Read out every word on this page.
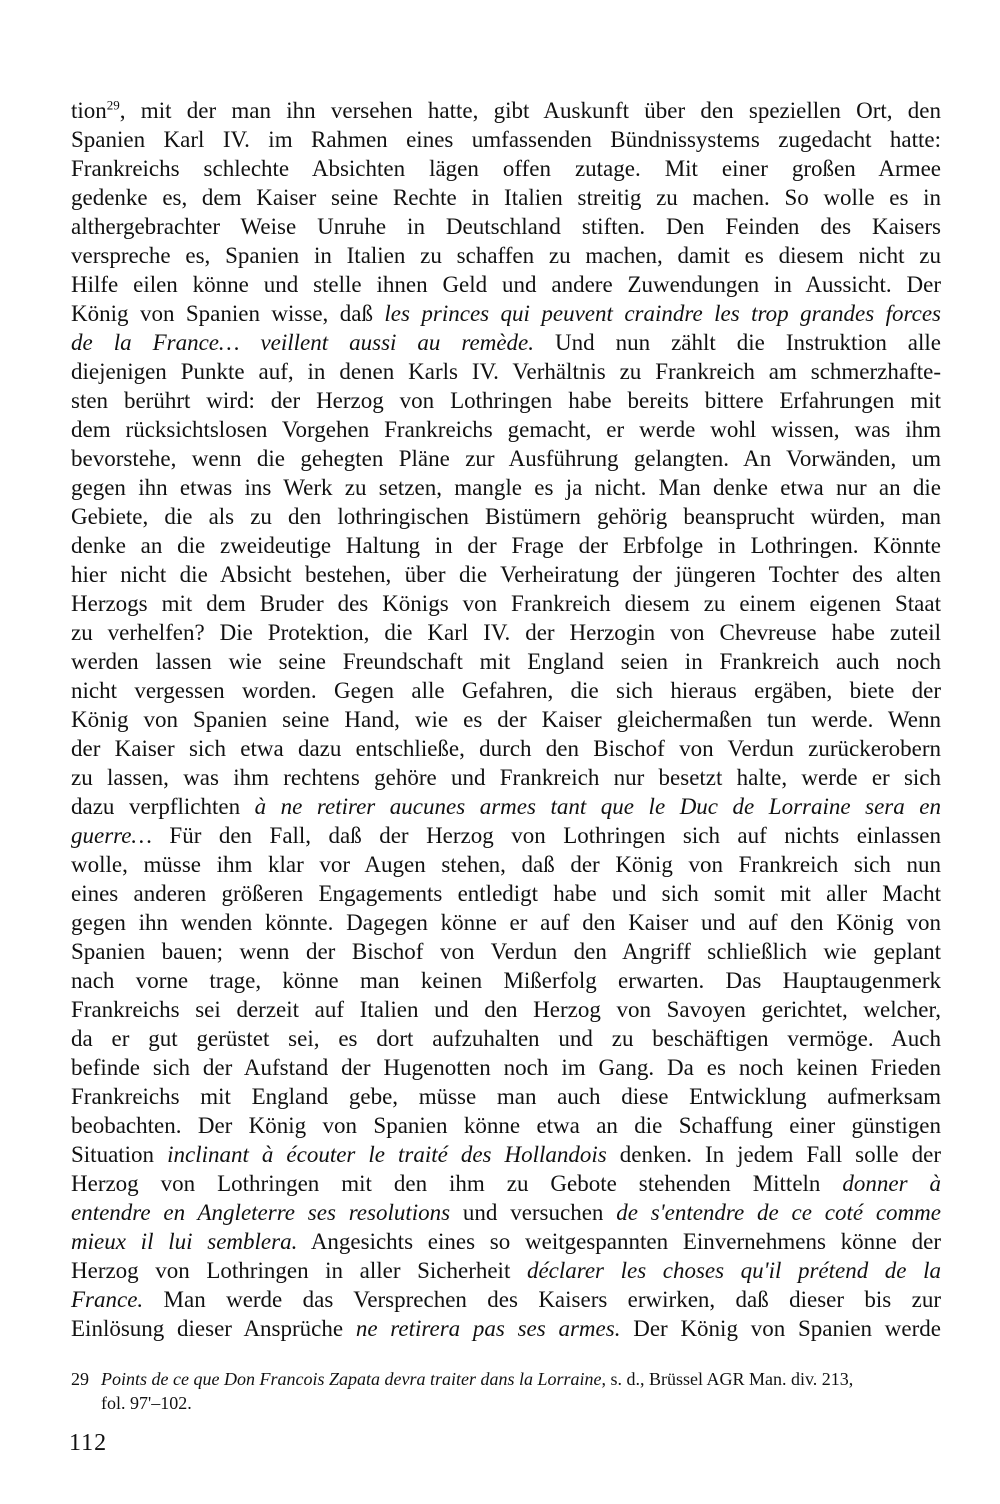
tion$^{29}$, mit der man ihn versehen hatte, gibt Auskunft über den speziellen Ort, den
Spanien Karl IV. im Rahmen eines umfassenden Bündnissystems zugedacht hatte:
Frankreichs schlechte Absichten lägen offen zutage. Mit einer großen Armee
gedenke es, dem Kaiser seine Rechte in Italien streitig zu machen. So wolle es in
althergebrachter Weise Unruhe in Deutschland stiften. Den Feinden des Kaisers
verspreche es, Spanien in Italien zu schaffen zu machen, damit es diesem nicht zu
Hilfe eilen könne und stelle ihnen Geld und andere Zuwendungen in Aussicht. Der
König von Spanien wisse, daß les princes qui peuvent craindre les trop grandes forces
de la France… veillent aussi au remède. Und nun zählt die Instruktion alle
diejenigen Punkte auf, in denen Karls IV. Verhältnis zu Frankreich am schmerzhafte-
sten berührt wird: der Herzog von Lothringen habe bereits bittere Erfahrungen mit
dem rücksichtslosen Vorgehen Frankreichs gemacht, er werde wohl wissen, was ihm
bevorstehe, wenn die gehegten Pläne zur Ausführung gelangten. An Vorwänden, um
gegen ihn etwas ins Werk zu setzen, mangle es ja nicht. Man denke etwa nur an die
Gebiete, die als zu den lothringischen Bistümern gehörig beansprucht würden, man
denke an die zweideutige Haltung in der Frage der Erbfolge in Lothringen. Könnte
hier nicht die Absicht bestehen, über die Verheiratung der jüngeren Tochter des alten
Herzogs mit dem Bruder des Königs von Frankreich diesem zu einem eigenen Staat
zu verhelfen? Die Protektion, die Karl IV. der Herzogin von Chevreuse habe zuteil
werden lassen wie seine Freundschaft mit England seien in Frankreich auch noch
nicht vergessen worden. Gegen alle Gefahren, die sich hieraus ergäben, biete der
König von Spanien seine Hand, wie es der Kaiser gleichermaßen tun werde. Wenn
der Kaiser sich etwa dazu entschließe, durch den Bischof von Verdun zurückerobern
zu lassen, was ihm rechtens gehöre und Frankreich nur besetzt halte, werde er sich
dazu verpflichten à ne retirer aucunes armes tant que le Duc de Lorraine sera en
guerre… Für den Fall, daß der Herzog von Lothringen sich auf nichts einlassen
wolle, müsse ihm klar vor Augen stehen, daß der König von Frankreich sich nun
eines anderen größeren Engagements entledigt habe und sich somit mit aller Macht
gegen ihn wenden könnte. Dagegen könne er auf den Kaiser und auf den König von
Spanien bauen; wenn der Bischof von Verdun den Angriff schließlich wie geplant
nach vorne trage, könne man keinen Mißerfolg erwarten. Das Hauptaugenmerk
Frankreichs sei derzeit auf Italien und den Herzog von Savoyen gerichtet, welcher,
da er gut gerüstet sei, es dort aufzuhalten und zu beschäftigen vermöge. Auch
befinde sich der Aufstand der Hugenotten noch im Gang. Da es noch keinen Frieden
Frankreichs mit England gebe, müsse man auch diese Entwicklung aufmerksam
beobachten. Der König von Spanien könne etwa an die Schaffung einer günstigen
Situation inclinant à écouter le traité des Hollandois denken. In jedem Fall solle der
Herzog von Lothringen mit den ihm zu Gebote stehenden Mitteln donner à
entendre en Angleterre ses resolutions und versuchen de s'entendre de ce coté comme
mieux il lui semblera. Angesichts eines so weitgespannten Einvernehmens könne der
Herzog von Lothringen in aller Sicherheit déclarer les choses qu'il prétend de la
France. Man werde das Versprechen des Kaisers erwirken, daß dieser bis zur
Einlösung dieser Ansprüche ne retirera pas ses armes. Der König von Spanien werde
29 Points de ce que Don Francois Zapata devra traiter dans la Lorraine, s. d., Brüssel AGR Man. div. 213,
fol. 97'–102.
112
